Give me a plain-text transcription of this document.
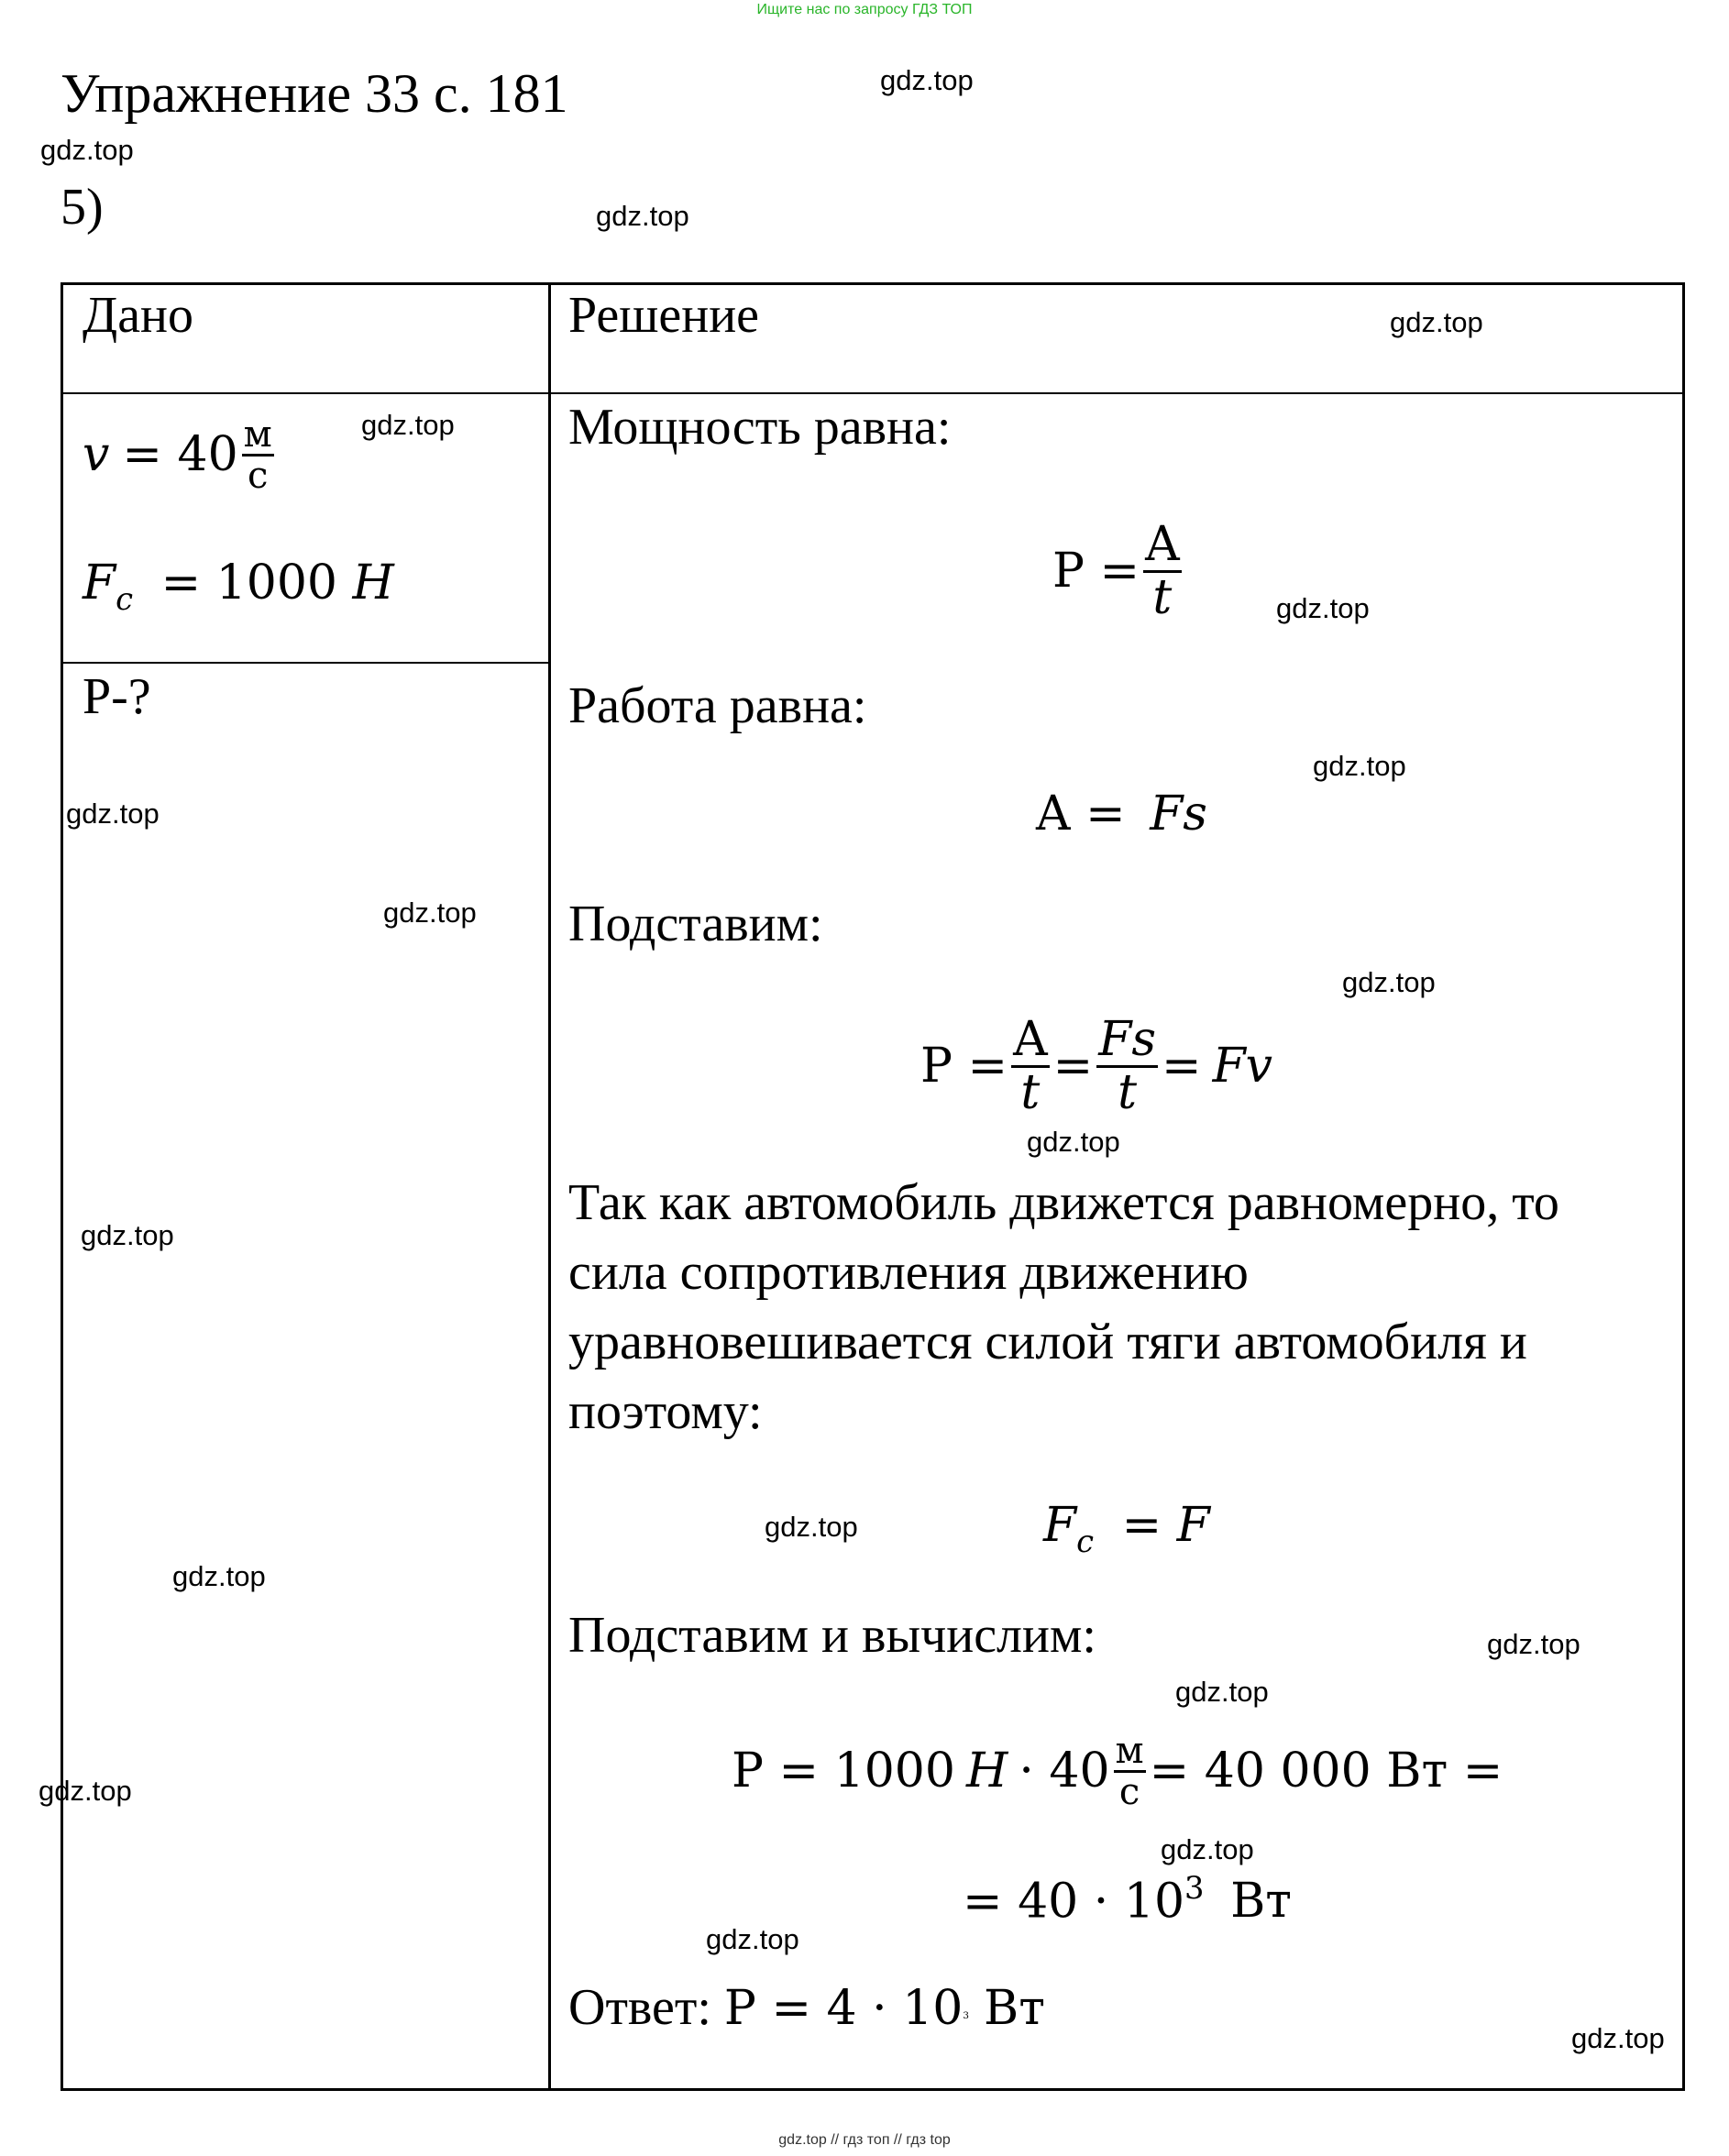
Ищите нас по запросу ГДЗ ТОП
Упражнение 33 с. 181
5)
Дано	Решение
$v = 40 \frac{м}{с}$
$F_c = 1000$ H
Р-?
Мощность равна:
$P = \frac{A}{t}$
Работа равна:
A = Fs
Подставим:
$P = \frac{A}{t} = \frac{Fs}{t} = Fv$
Так как автомобиль движется равномерно, то
сила сопротивления движению
уравновешивается силой тяги автомобиля и
поэтому:
$F_c = F$
Подставим и вычислим:
P = 1000 $H \cdot 40 \frac{м}{с} = 40$ 000 Вт =
= $40 \cdot 10^3$ Вт
Ответ: $P = 4 \cdot 10^3$ Вт
gdz.top
gdz.top
gdz.top
gdz.top
gdz.top
gdz.top
gdz.top
gdz.top
gdz.top
gdz.top
gdz.top
gdz.top
gdz.top
gdz.top
gdz.top
gdz.top
gdz.top
gdz.top
gdz.top
gdz.top
gdz.top // гдз топ // гдз top
